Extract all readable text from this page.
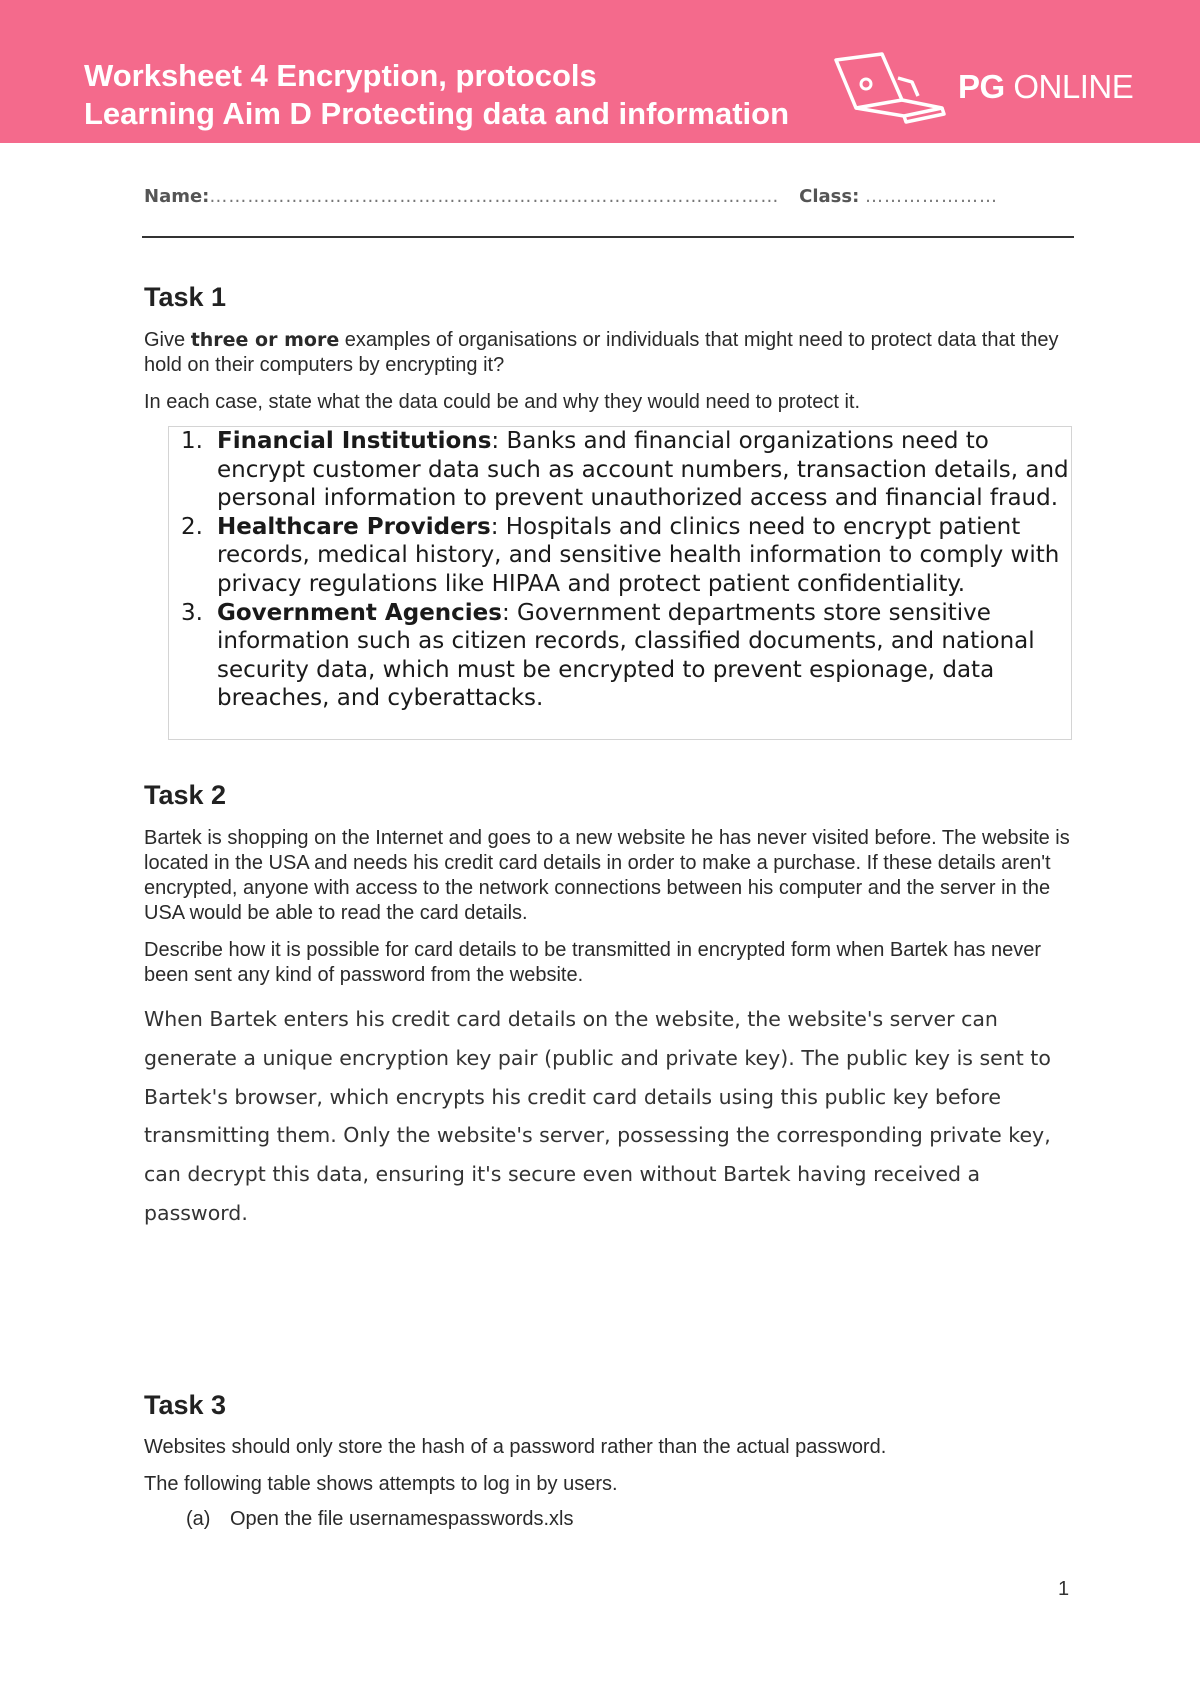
Worksheet 4 Encryption, protocols
Learning Aim D Protecting data and information
PG ONLINE
Name:……………………………………………………………………………… Class: …………………
Task 1

Give three or more examples of organisations or individuals that might need to protect data that they hold on their computers by encrypting it?

In each case, state what the data could be and why they would need to protect it.

1. Financial Institutions: Banks and financial organizations need to encrypt customer data such as account numbers, transaction details, and personal information to prevent unauthorized access and financial fraud.
2. Healthcare Providers: Hospitals and clinics need to encrypt patient records, medical history, and sensitive health information to comply with privacy regulations like HIPAA and protect patient confidentiality.
3. Government Agencies: Government departments store sensitive information such as citizen records, classified documents, and national security data, which must be encrypted to prevent espionage, data breaches, and cyberattacks.
Task 2

Bartek is shopping on the Internet and goes to a new website he has never visited before. The website is located in the USA and needs his credit card details in order to make a purchase. If these details aren't encrypted, anyone with access to the network connections between his computer and the server in the USA would be able to read the card details.

Describe how it is possible for card details to be transmitted in encrypted form when Bartek has never been sent any kind of password from the website.

When Bartek enters his credit card details on the website, the website's server can generate a unique encryption key pair (public and private key). The public key is sent to Bartek's browser, which encrypts his credit card details using this public key before transmitting them. Only the website's server, possessing the corresponding private key, can decrypt this data, ensuring it's secure even without Bartek having received a password.

Task 3

Websites should only store the hash of a password rather than the actual password.

The following table shows attempts to log in by users.

(a) Open the file usernamespasswords.xls

1
